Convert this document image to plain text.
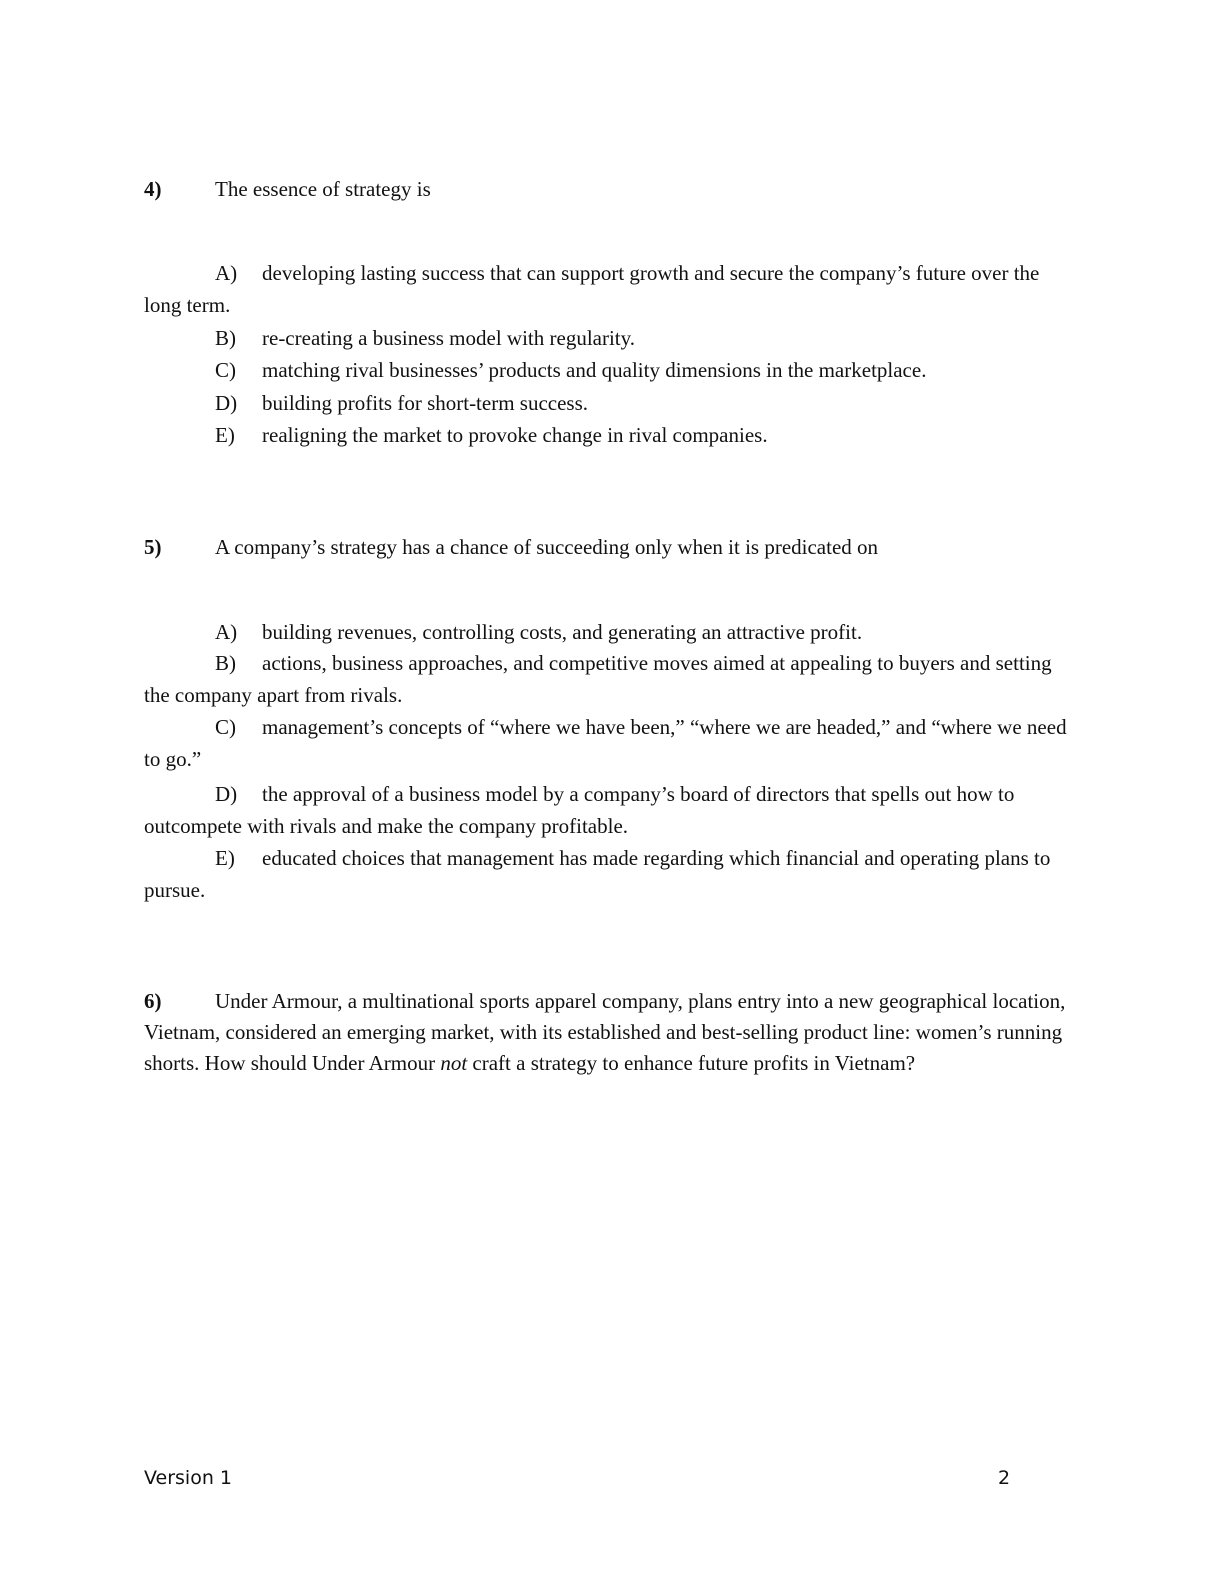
4)	The essence of strategy is
A) developing lasting success that can support growth and secure the company’s future over the long term.
B) re-creating a business model with regularity.
C) matching rival businesses’ products and quality dimensions in the marketplace.
D) building profits for short-term success.
E) realigning the market to provoke change in rival companies.
5)	A company’s strategy has a chance of succeeding only when it is predicated on
A) building revenues, controlling costs, and generating an attractive profit.
B) actions, business approaches, and competitive moves aimed at appealing to buyers and setting the company apart from rivals.
C) management’s concepts of “where we have been,” “where we are headed,” and “where we need to go.”
D) the approval of a business model by a company’s board of directors that spells out how to outcompete with rivals and make the company profitable.
E) educated choices that management has made regarding which financial and operating plans to pursue.
6)	Under Armour, a multinational sports apparel company, plans entry into a new geographical location, Vietnam, considered an emerging market, with its established and best-selling product line: women’s running shorts. How should Under Armour not craft a strategy to enhance future profits in Vietnam?
Version 1	2
